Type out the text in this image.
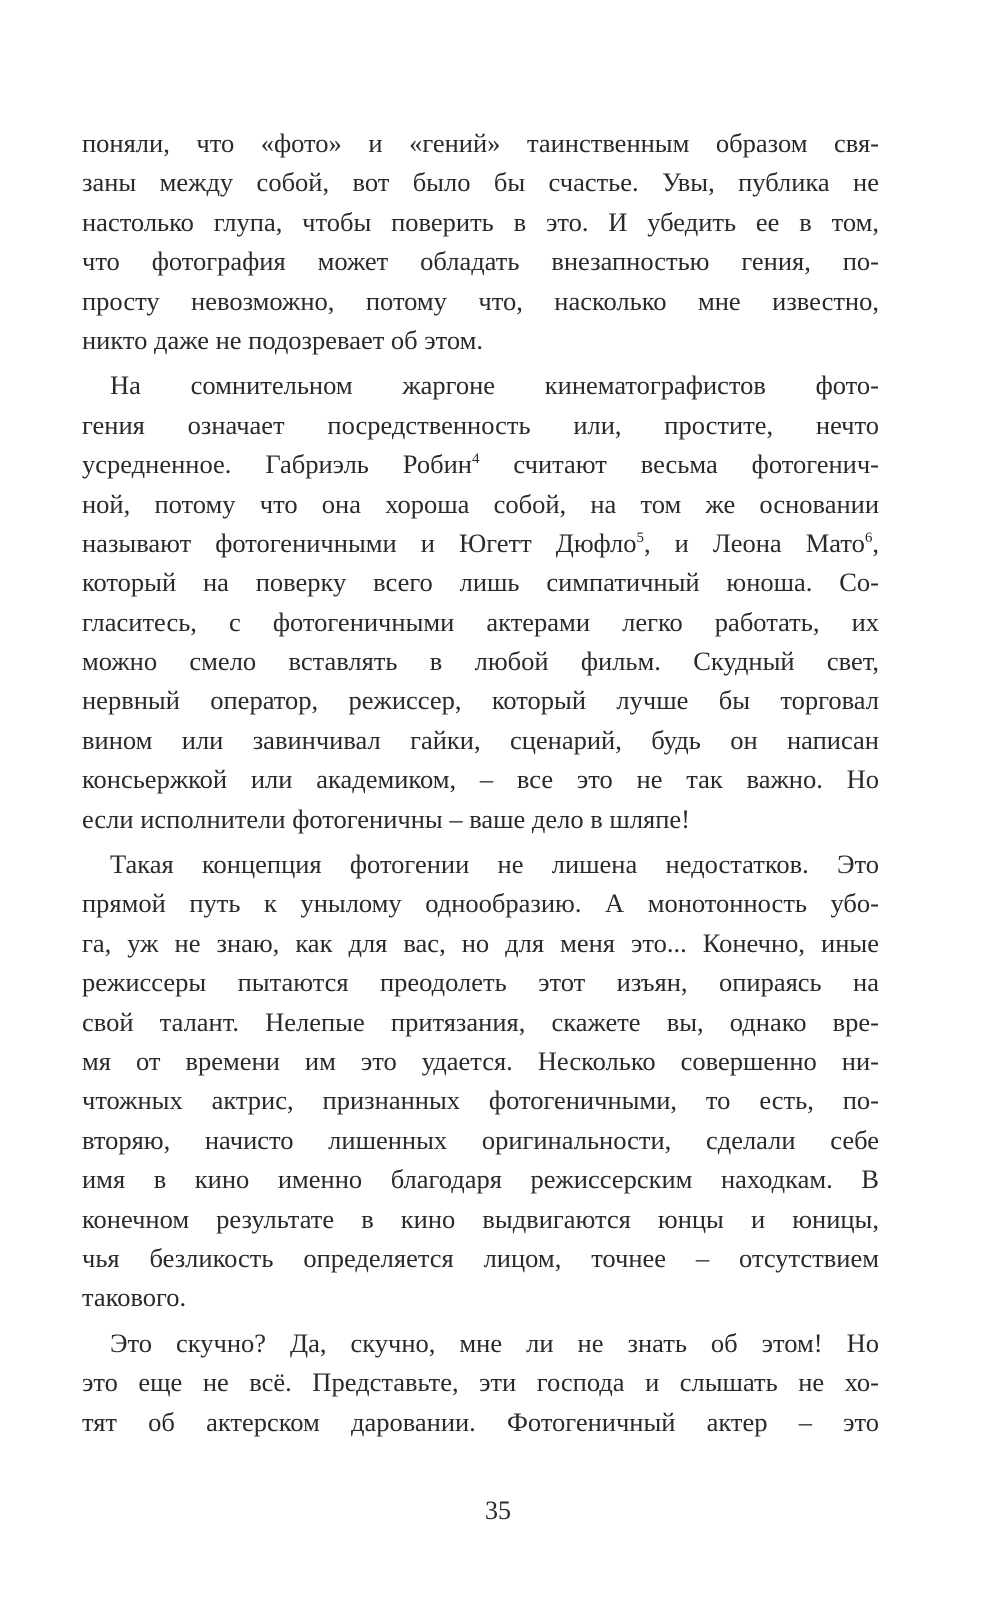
поняли, что «фото» и «гений» таинственным образом свя-
заны между собой, вот было бы счастье. Увы, публика не
настолько глупа, чтобы поверить в это. И убедить ее в том,
что фотография может обладать внезапностью гения, по-
просту невозможно, потому что, насколько мне известно,
никто даже не подозревает об этом.
На сомнительном жаргоне кинематографистов фото-
гения означает посредственность или, простите, нечто
усредненное. Габриэль Робин$^4$ считают весьма фотогенич-
ной, потому что она хороша собой, на том же основании
называют фотогеничными и Югетт Дюфло$^5$, и Леона Мато$^6$,
который на поверку всего лишь симпатичный юноша. Со-
гласитесь, с фотогеничными актерами легко работать, их
можно смело вставлять в любой фильм. Скудный свет,
нервный оператор, режиссер, который лучше бы торговал
вином или завинчивал гайки, сценарий, будь он написан
консьержкой или академиком, – все это не так важно. Но
если исполнители фотогеничны – ваше дело в шляпе!
Такая концепция фотогении не лишена недостатков. Это
прямой путь к унылому однообразию. А монотонность убо-
га, уж не знаю, как для вас, но для меня это... Конечно, иные
режиссеры пытаются преодолеть этот изъян, опираясь на
свой талант. Нелепые притязания, скажете вы, однако вре-
мя от времени им это удается. Несколько совершенно ни-
чтожных актрис, признанных фотогеничными, то есть, по-
вторяю, начисто лишенных оригинальности, сделали себе
имя в кино именно благодаря режиссерским находкам. В
конечном результате в кино выдвигаются юнцы и юницы,
чья безликость определяется лицом, точнее – отсутствием
такового.
Это скучно? Да, скучно, мне ли не знать об этом! Но
это еще не всё. Представьте, эти господа и слышать не хо-
тят об актерском даровании. Фотогеничный актер – это
35
